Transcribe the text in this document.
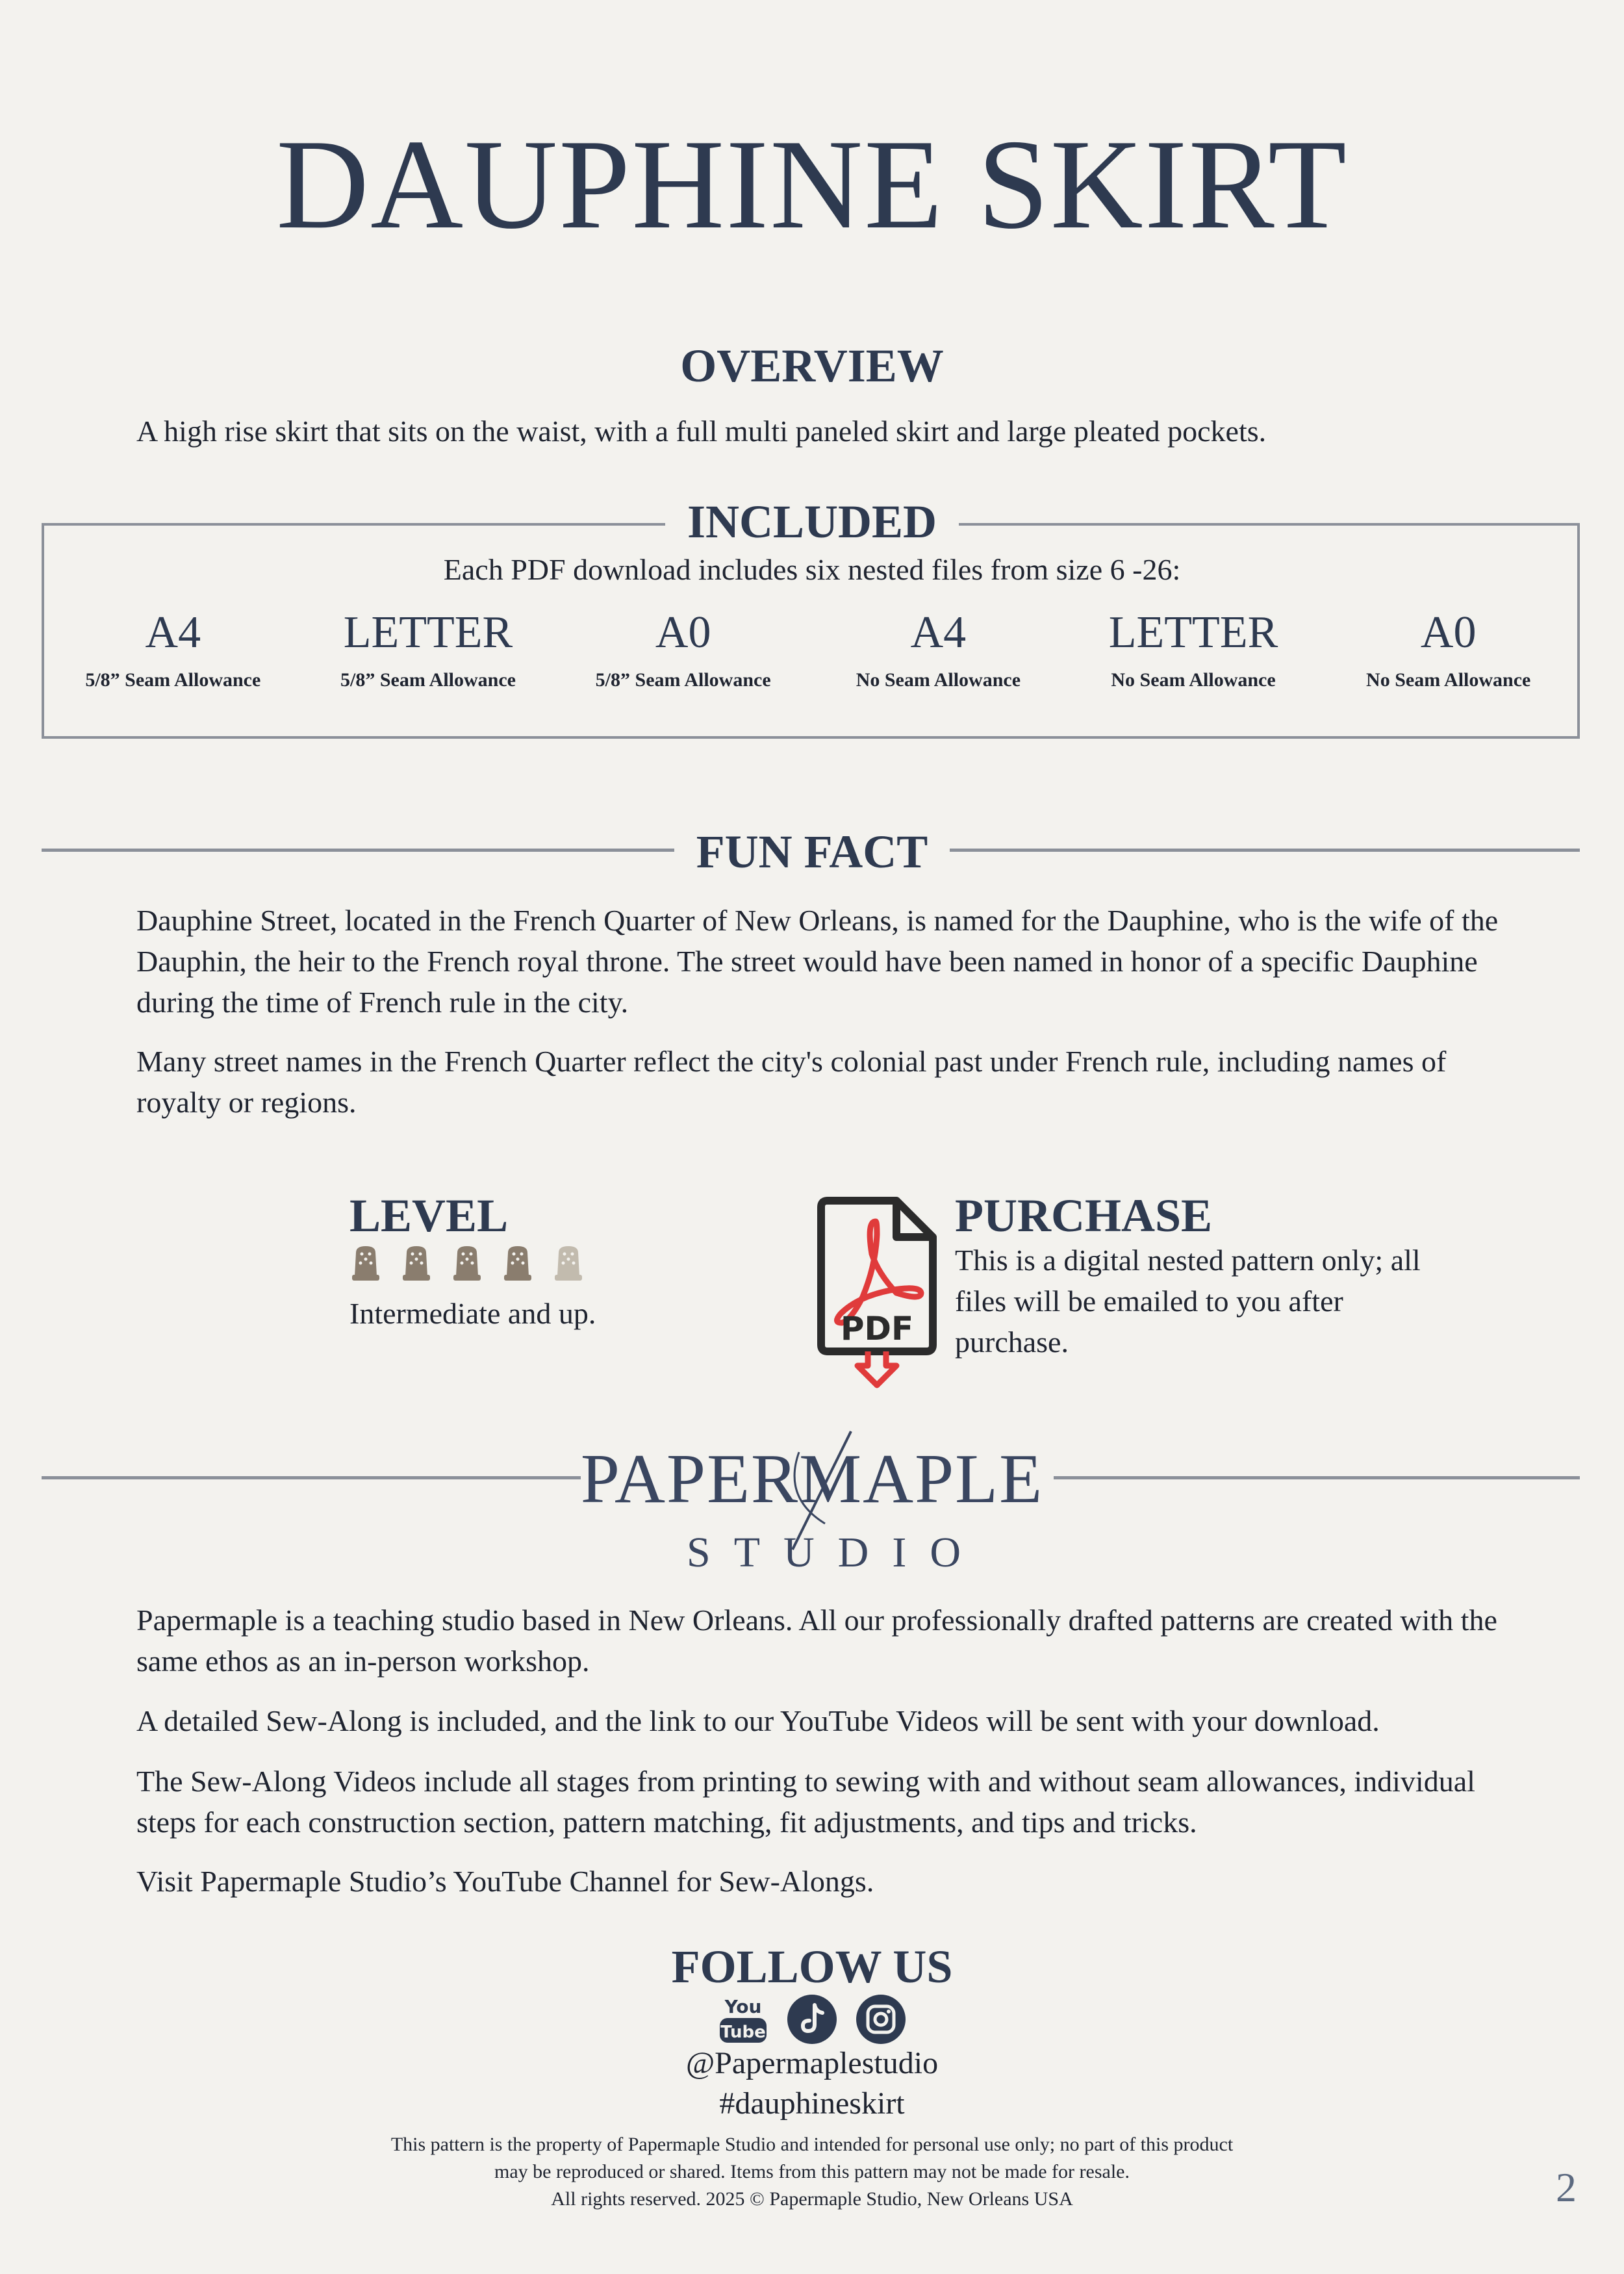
DAUPHINE SKIRT
OVERVIEW
A high rise skirt that sits on the waist, with a full multi paneled skirt and large pleated pockets.
INCLUDED
Each PDF download includes six nested files from size 6 -26:
A4
5/8” Seam Allowance
LETTER
5/8” Seam Allowance
A0
5/8” Seam Allowance
A4
No Seam Allowance
LETTER
No Seam Allowance
A0
No Seam Allowance
FUN FACT
Dauphine Street, located in the French Quarter of New Orleans, is named for the Dauphine, who is the wife of the Dauphin, the heir to the French royal throne. The street would have been named in honor of a specific Dauphine during the time of French rule in the city.
Many street names in the French Quarter reflect the city's colonial past under French rule, including names of royalty or regions.
LEVEL
Intermediate and up.	PDF
PURCHASE
This is a digital nested pattern only; all files will be emailed to you after purchase.
PAPERMAPLE
STUDIO
Papermaple is a teaching studio based in New Orleans. All our professionally drafted patterns are created with the same ethos as an in-person workshop.
A detailed Sew-Along is included, and the link to our YouTube Videos will be sent with your download.
The Sew-Along Videos include all stages from printing to sewing with and without seam allowances, individual steps for each construction section, pattern matching, fit adjustments, and tips and tricks.
Visit Papermaple Studio’s YouTube Channel for Sew-Alongs.
FOLLOW US
You
Tube
@Papermaplestudio
#dauphineskirt
This pattern is the property of Papermaple Studio and intended for personal use only; no part of this product
may be reproduced or shared. Items from this pattern may not be made for resale.
All rights reserved. 2025 © Papermaple Studio, New Orleans USA	2
